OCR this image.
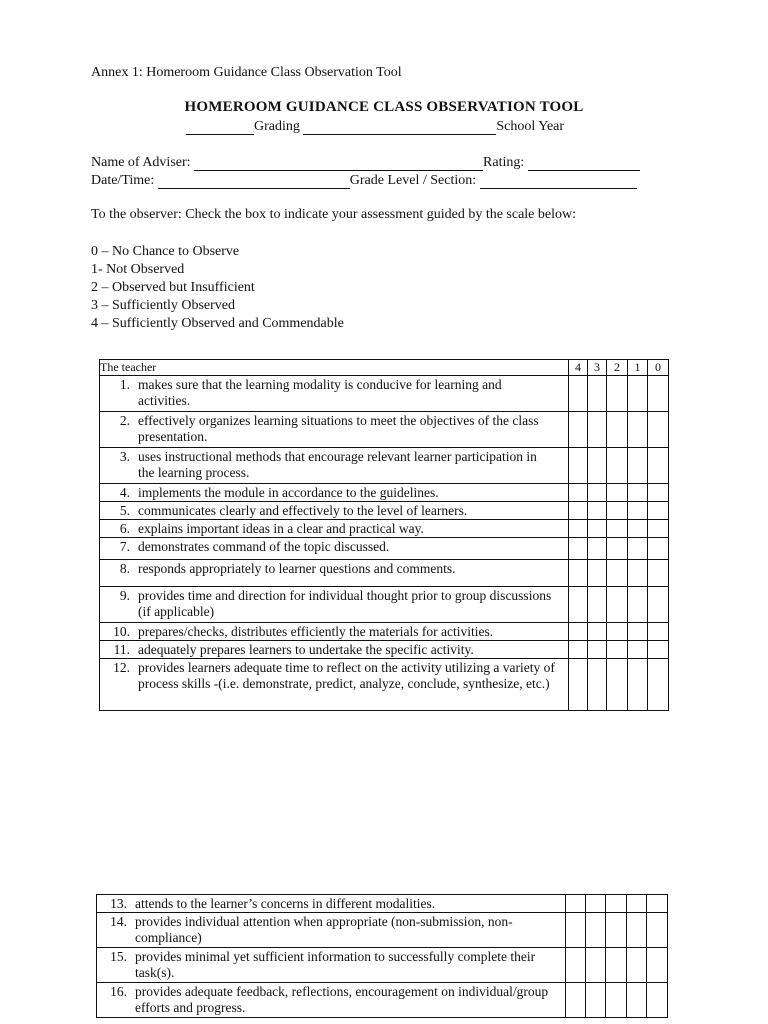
Annex 1: Homeroom Guidance Class Observation Tool
HOMEROOM GUIDANCE CLASS OBSERVATION TOOL
Grading	School Year
Name of Adviser:	Rating:
Date/Time:	Grade Level / Section:
To the observer: Check the box to indicate your assessment guided by the scale below:
0 – No Chance to Observe
1- Not Observed
2 – Observed but Insufficient
3 – Sufficiently Observed
4 – Sufficiently Observed and Commendable
The teacher	4	3	2	1	0
1. makes sure that the learning modality is conducive for learning and activities.					
2. effectively organizes learning situations to meet the objectives of the class presentation.					
3. uses instructional methods that encourage relevant learner participation in the learning process.					
4. implements the module in accordance to the guidelines.					
5. communicates clearly and effectively to the level of learners.					
6. explains important ideas in a clear and practical way.					
7. demonstrates command of the topic discussed.					
8. responds appropriately to learner questions and comments.					
9. provides time and direction for individual thought prior to group discussions (if applicable)					
10. prepares/checks, distributes efficiently the materials for activities.					
11. adequately prepares learners to undertake the specific activity.					
12. provides learners adequate time to reflect on the activity utilizing a variety of process skills -(i.e. demonstrate, predict, analyze, conclude, synthesize, etc.)					
13. attends to the learner’s concerns in different modalities.					
14. provides individual attention when appropriate (non-submission, non-compliance)					
15. provides minimal yet sufficient information to successfully complete their task(s).					
16. provides adequate feedback, reflections, encouragement on individual/group efforts and progress.					
